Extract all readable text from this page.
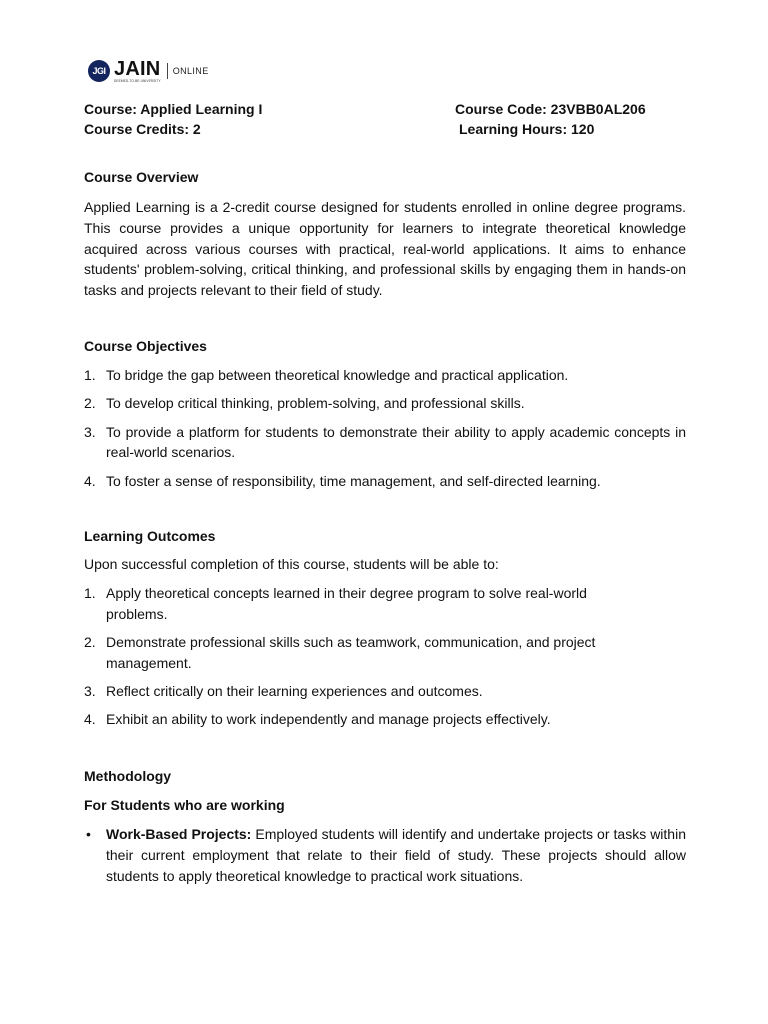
JGI JAIN
DEEMED-TO-BE UNIVERSITY
ONLINE
Course: Applied Learning I	Course Code: 23VBB0AL206
Course Credits: 2	Learning Hours: 120
Course Overview
Applied Learning is a 2-credit course designed for students enrolled in online degree programs. This course provides a unique opportunity for learners to integrate theoretical knowledge acquired across various courses with practical, real-world applications. It aims to enhance students' problem-solving, critical thinking, and professional skills by engaging them in hands-on tasks and projects relevant to their field of study.
Course Objectives
1. To bridge the gap between theoretical knowledge and practical application.
2. To develop critical thinking, problem-solving, and professional skills.
3. To provide a platform for students to demonstrate their ability to apply academic concepts in real-world scenarios.
4. To foster a sense of responsibility, time management, and self-directed learning.
Learning Outcomes
Upon successful completion of this course, students will be able to:
1. Apply theoretical concepts learned in their degree program to solve real-world problems.
2. Demonstrate professional skills such as teamwork, communication, and project management.
3. Reflect critically on their learning experiences and outcomes.
4. Exhibit an ability to work independently and manage projects effectively.
Methodology
For Students who are working
•	Work-Based Projects: Employed students will identify and undertake projects or tasks within their current employment that relate to their field of study. These projects should allow students to apply theoretical knowledge to practical work situations.
